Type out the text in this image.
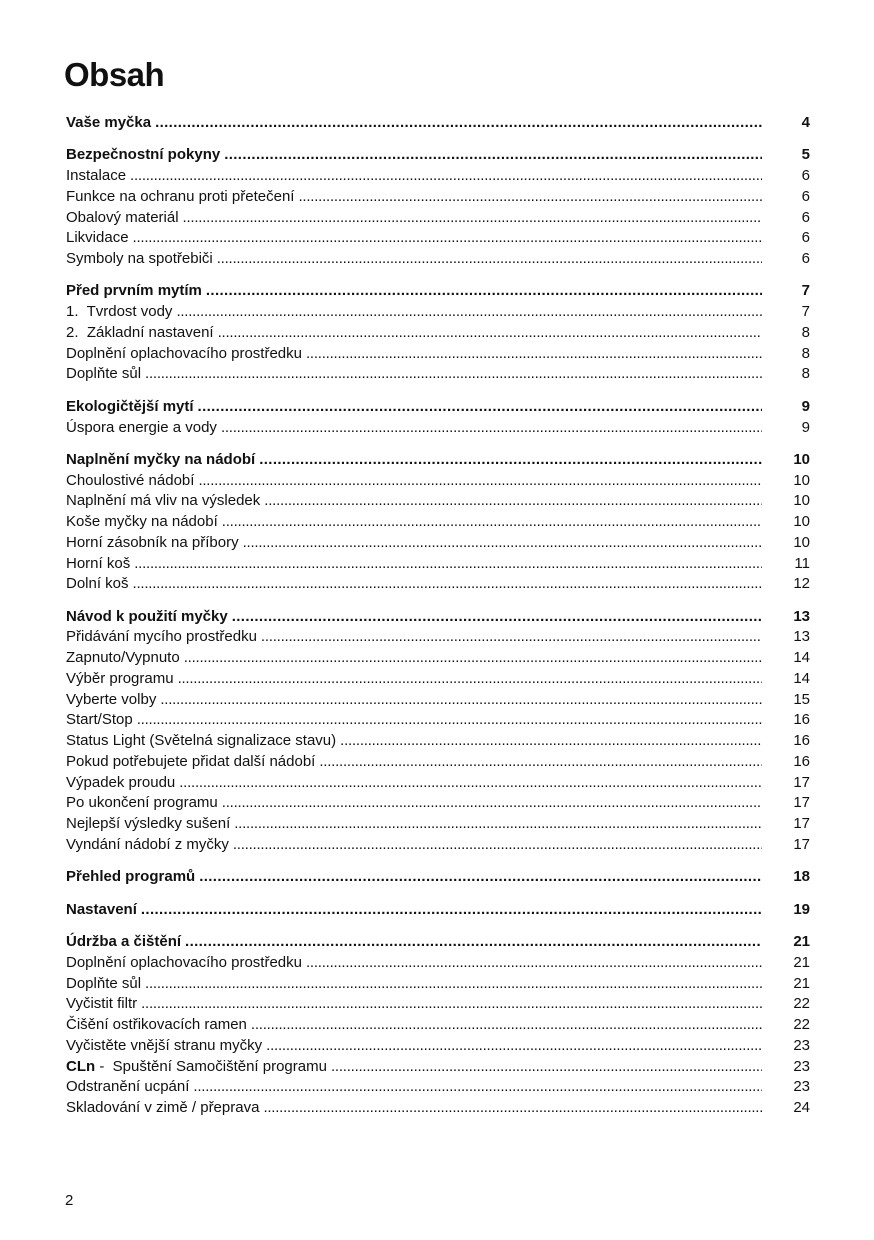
Obsah
Vaše myčka . . .	4
Bezpečnostní pokyny . . .	5
Instalace . . .	6
Funkce na ochranu proti přetečení . . .	6
Obalový materiál . . .	6
Likvidace . . .	6
Symboly na spotřebiči . . .	6
Před prvním mytím . . .	7
1.  Tvrdost vody . . .	7
2.  Základní nastavení . . .	8
Doplnění oplachovacího prostředku . . .	8
Doplňte sůl . . .	8
Ekologičtější mytí . . .	9
Úspora energie a vody . . .	9
Naplnění myčky na nádobí . . .	10
Choulostivé nádobí . . .	10
Naplnění má vliv na výsledek . . .	10
Koše myčky na nádobí . . .	10
Horní zásobník na příbory . . .	10
Horní koš . . .	11
Dolní koš . . .	12
Návod k použití myčky . . .	13
Přidávání mycího prostředku . . .	13
Zapnuto/Vypnuto . . .	14
Výběr programu . . .	14
Vyberte volby . . .	15
Start/Stop . . .	16
Status Light (Světelná signalizace stavu) . . .	16
Pokud potřebujete přidat další nádobí . . .	16
Výpadek proudu . . .	17
Po ukončení programu . . .	17
Nejlepší výsledky sušení . . .	17
Vyndání nádobí z myčky . . .	17
Přehled programů . . .	18
Nastavení . . .	19
Údržba a čištění . . .	21
Doplnění oplachovacího prostředku . . .	21
Doplňte sůl . . .	21
Vyčistit filtr . . .	22
Čišění ostřikovacích ramen . . .	22
Vyčistěte vnější stranu myčky . . .	23
CLn -  Spuštění Samočištění programu . . .	23
Odstranění ucpání . . .	23
Skladování v zimě / přeprava . . .	24
2
